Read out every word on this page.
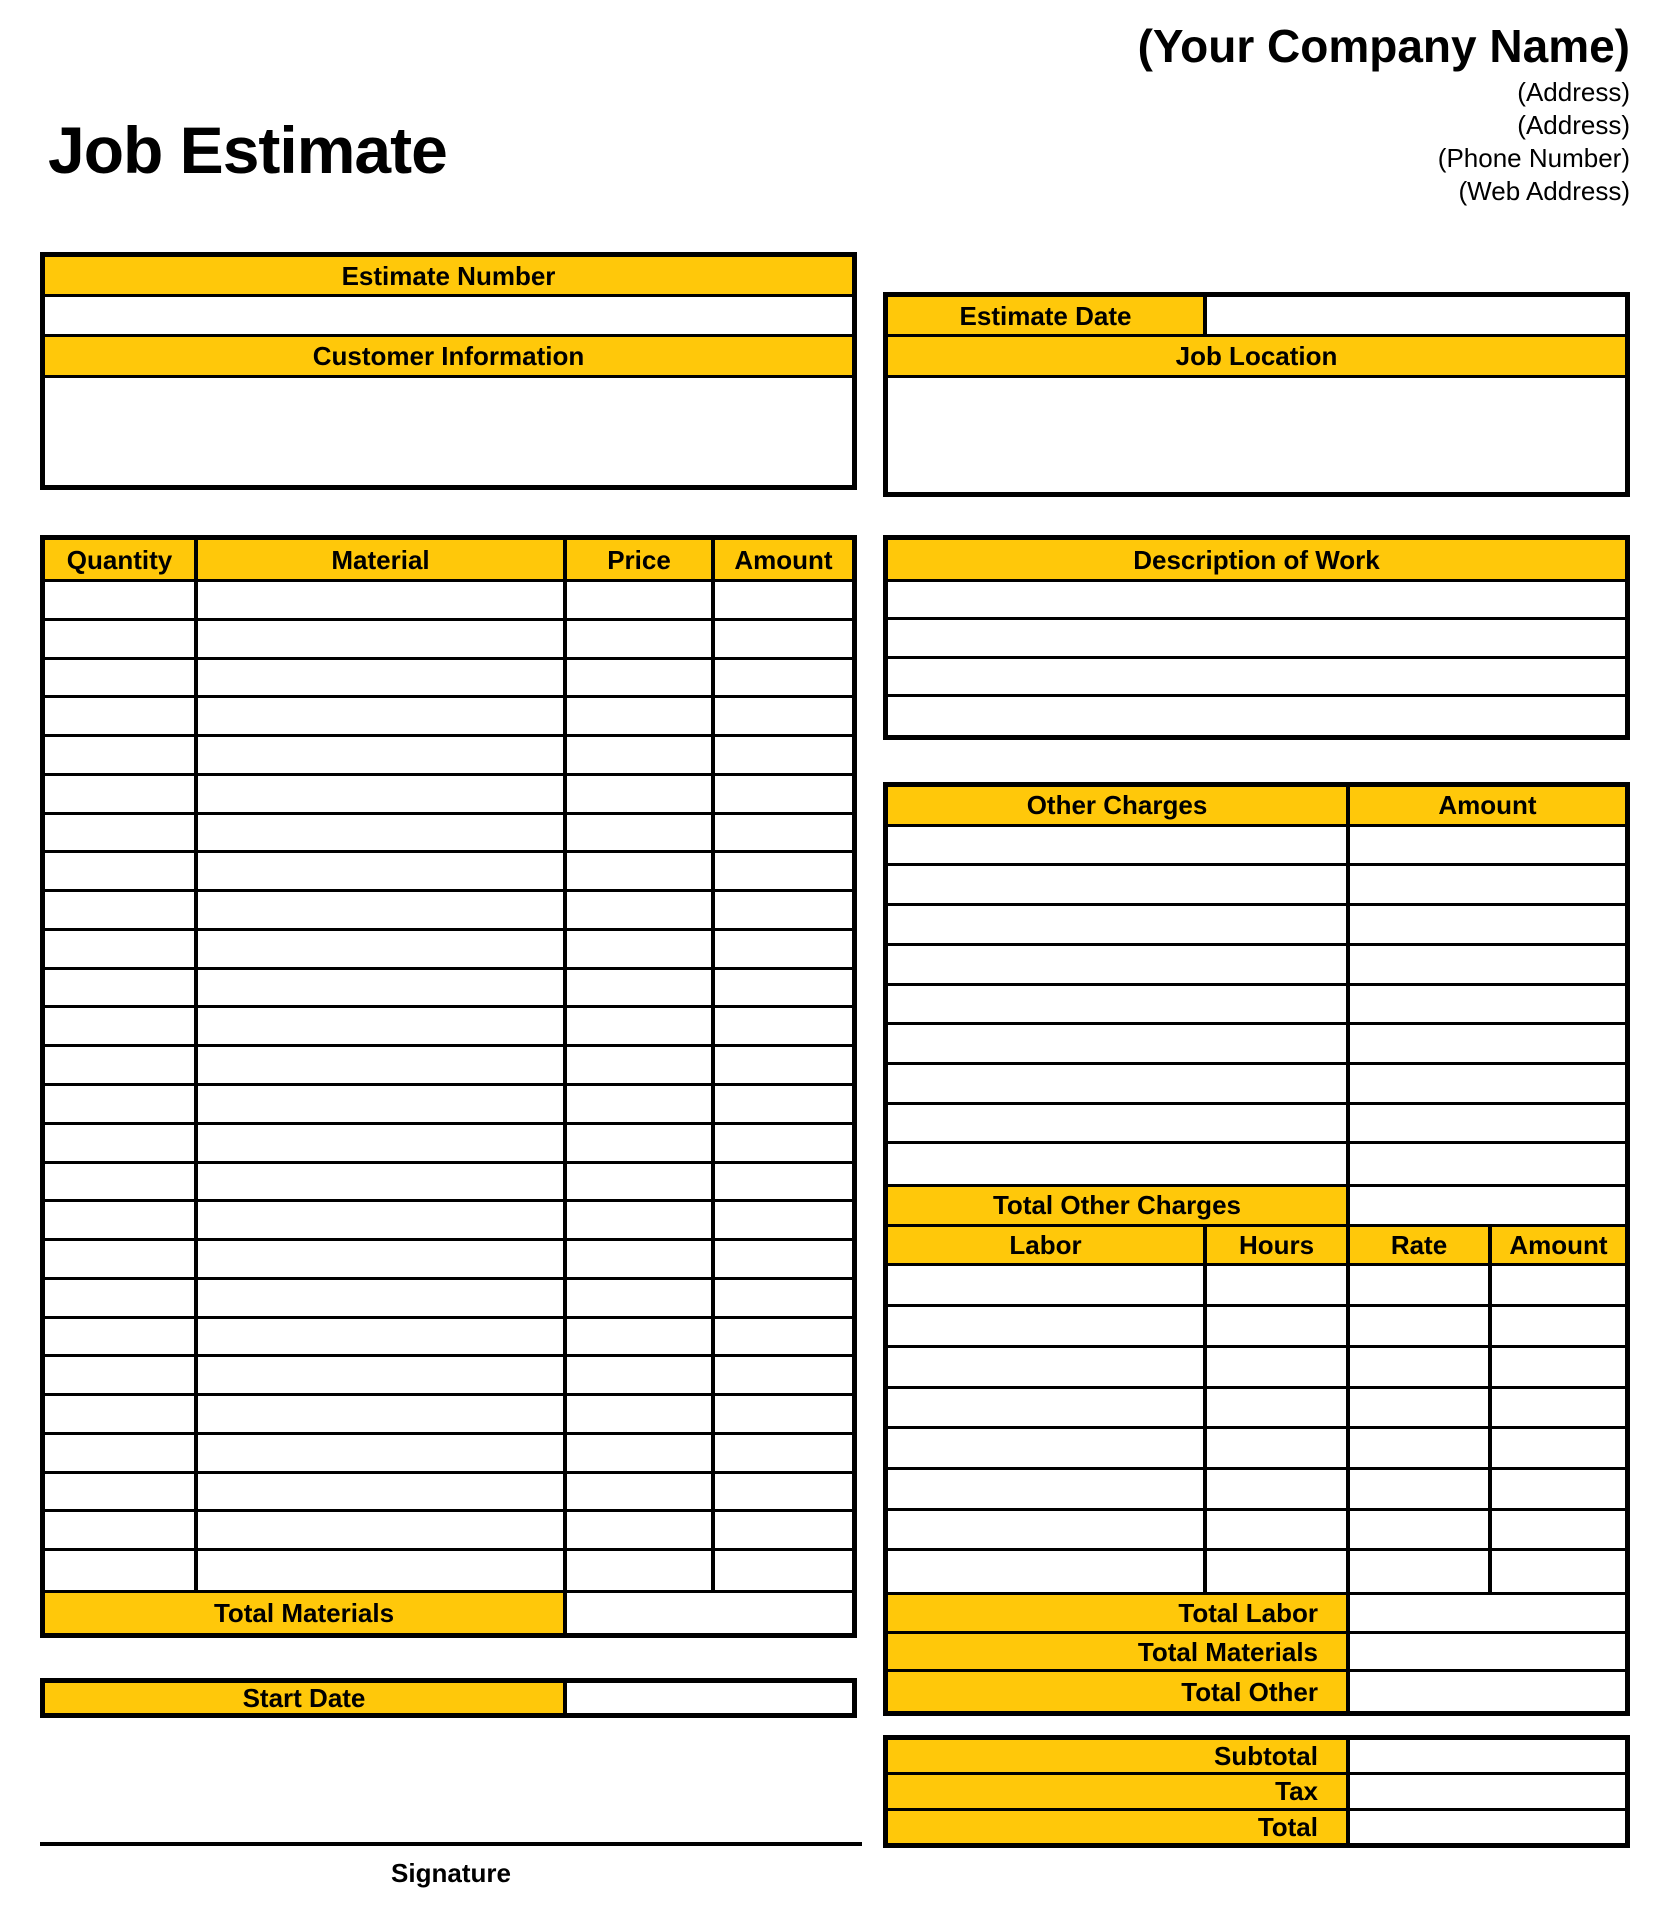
Job Estimate
(Your Company Name)
(Address)
(Address)
(Phone Number)
(Web Address)
Estimate Number
Customer Information
Quantity	Material	Price	Amount
Total Materials
Start Date
Signature
Estimate Date
Job Location
Description of Work
Other Charges	Amount
Total Other Charges
Labor	Hours	Rate	Amount
Total Labor
Total Materials
Total Other
Subtotal
Tax
Total
